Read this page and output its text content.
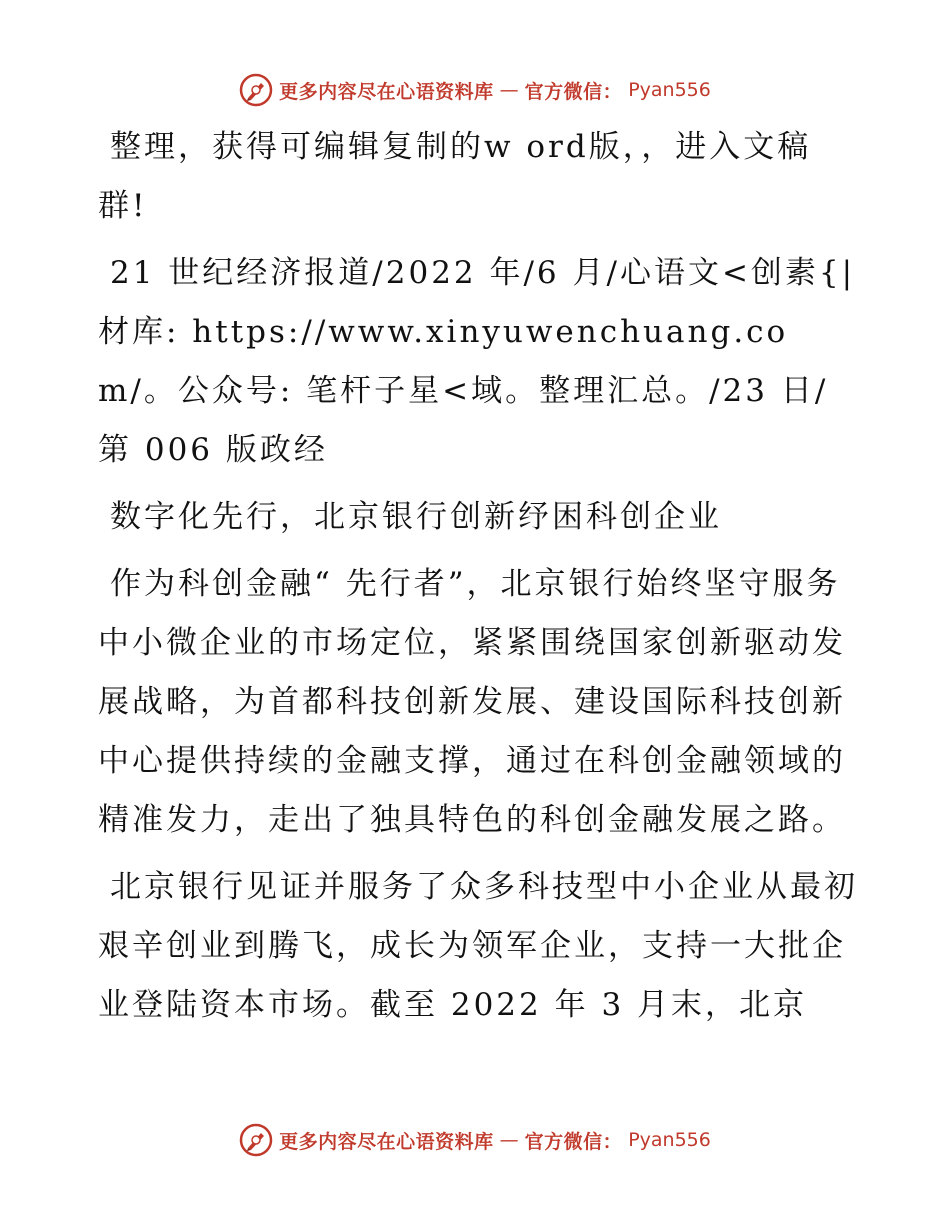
更多内容尽在心语资料库 — 官方微信： Pyan556

整理，获得可编辑复制的w ord版，，进入文稿群!

21 世纪经济报道/2022 年/6 月/心语文<创素{|材库: https://www.xinyuwenchuang.com/。公众号: 笔杆子星<域。整理汇总。/23 日/第 006 版政经

数字化先行，北京银行创新纾困科创企业

作为科创金融“ 先行者”，北京银行始终坚守服务中小微企业的市场定位，紧紧围绕国家创新驱动发展战略，为首都科技创新发展、建设国际科技创新中心提供持续的金融支撑，通过在科创金融领域的精准发力，走出了独具特色的科创金融发展之路。

北京银行见证并服务了众多科技型中小企业从最初艰辛创业到腾飞，成长为领军企业，支持一大批企业登陆资本市场。截至 2022 年 3 月末，北京

更多内容尽在心语资料库 — 官方微信： Pyan556
